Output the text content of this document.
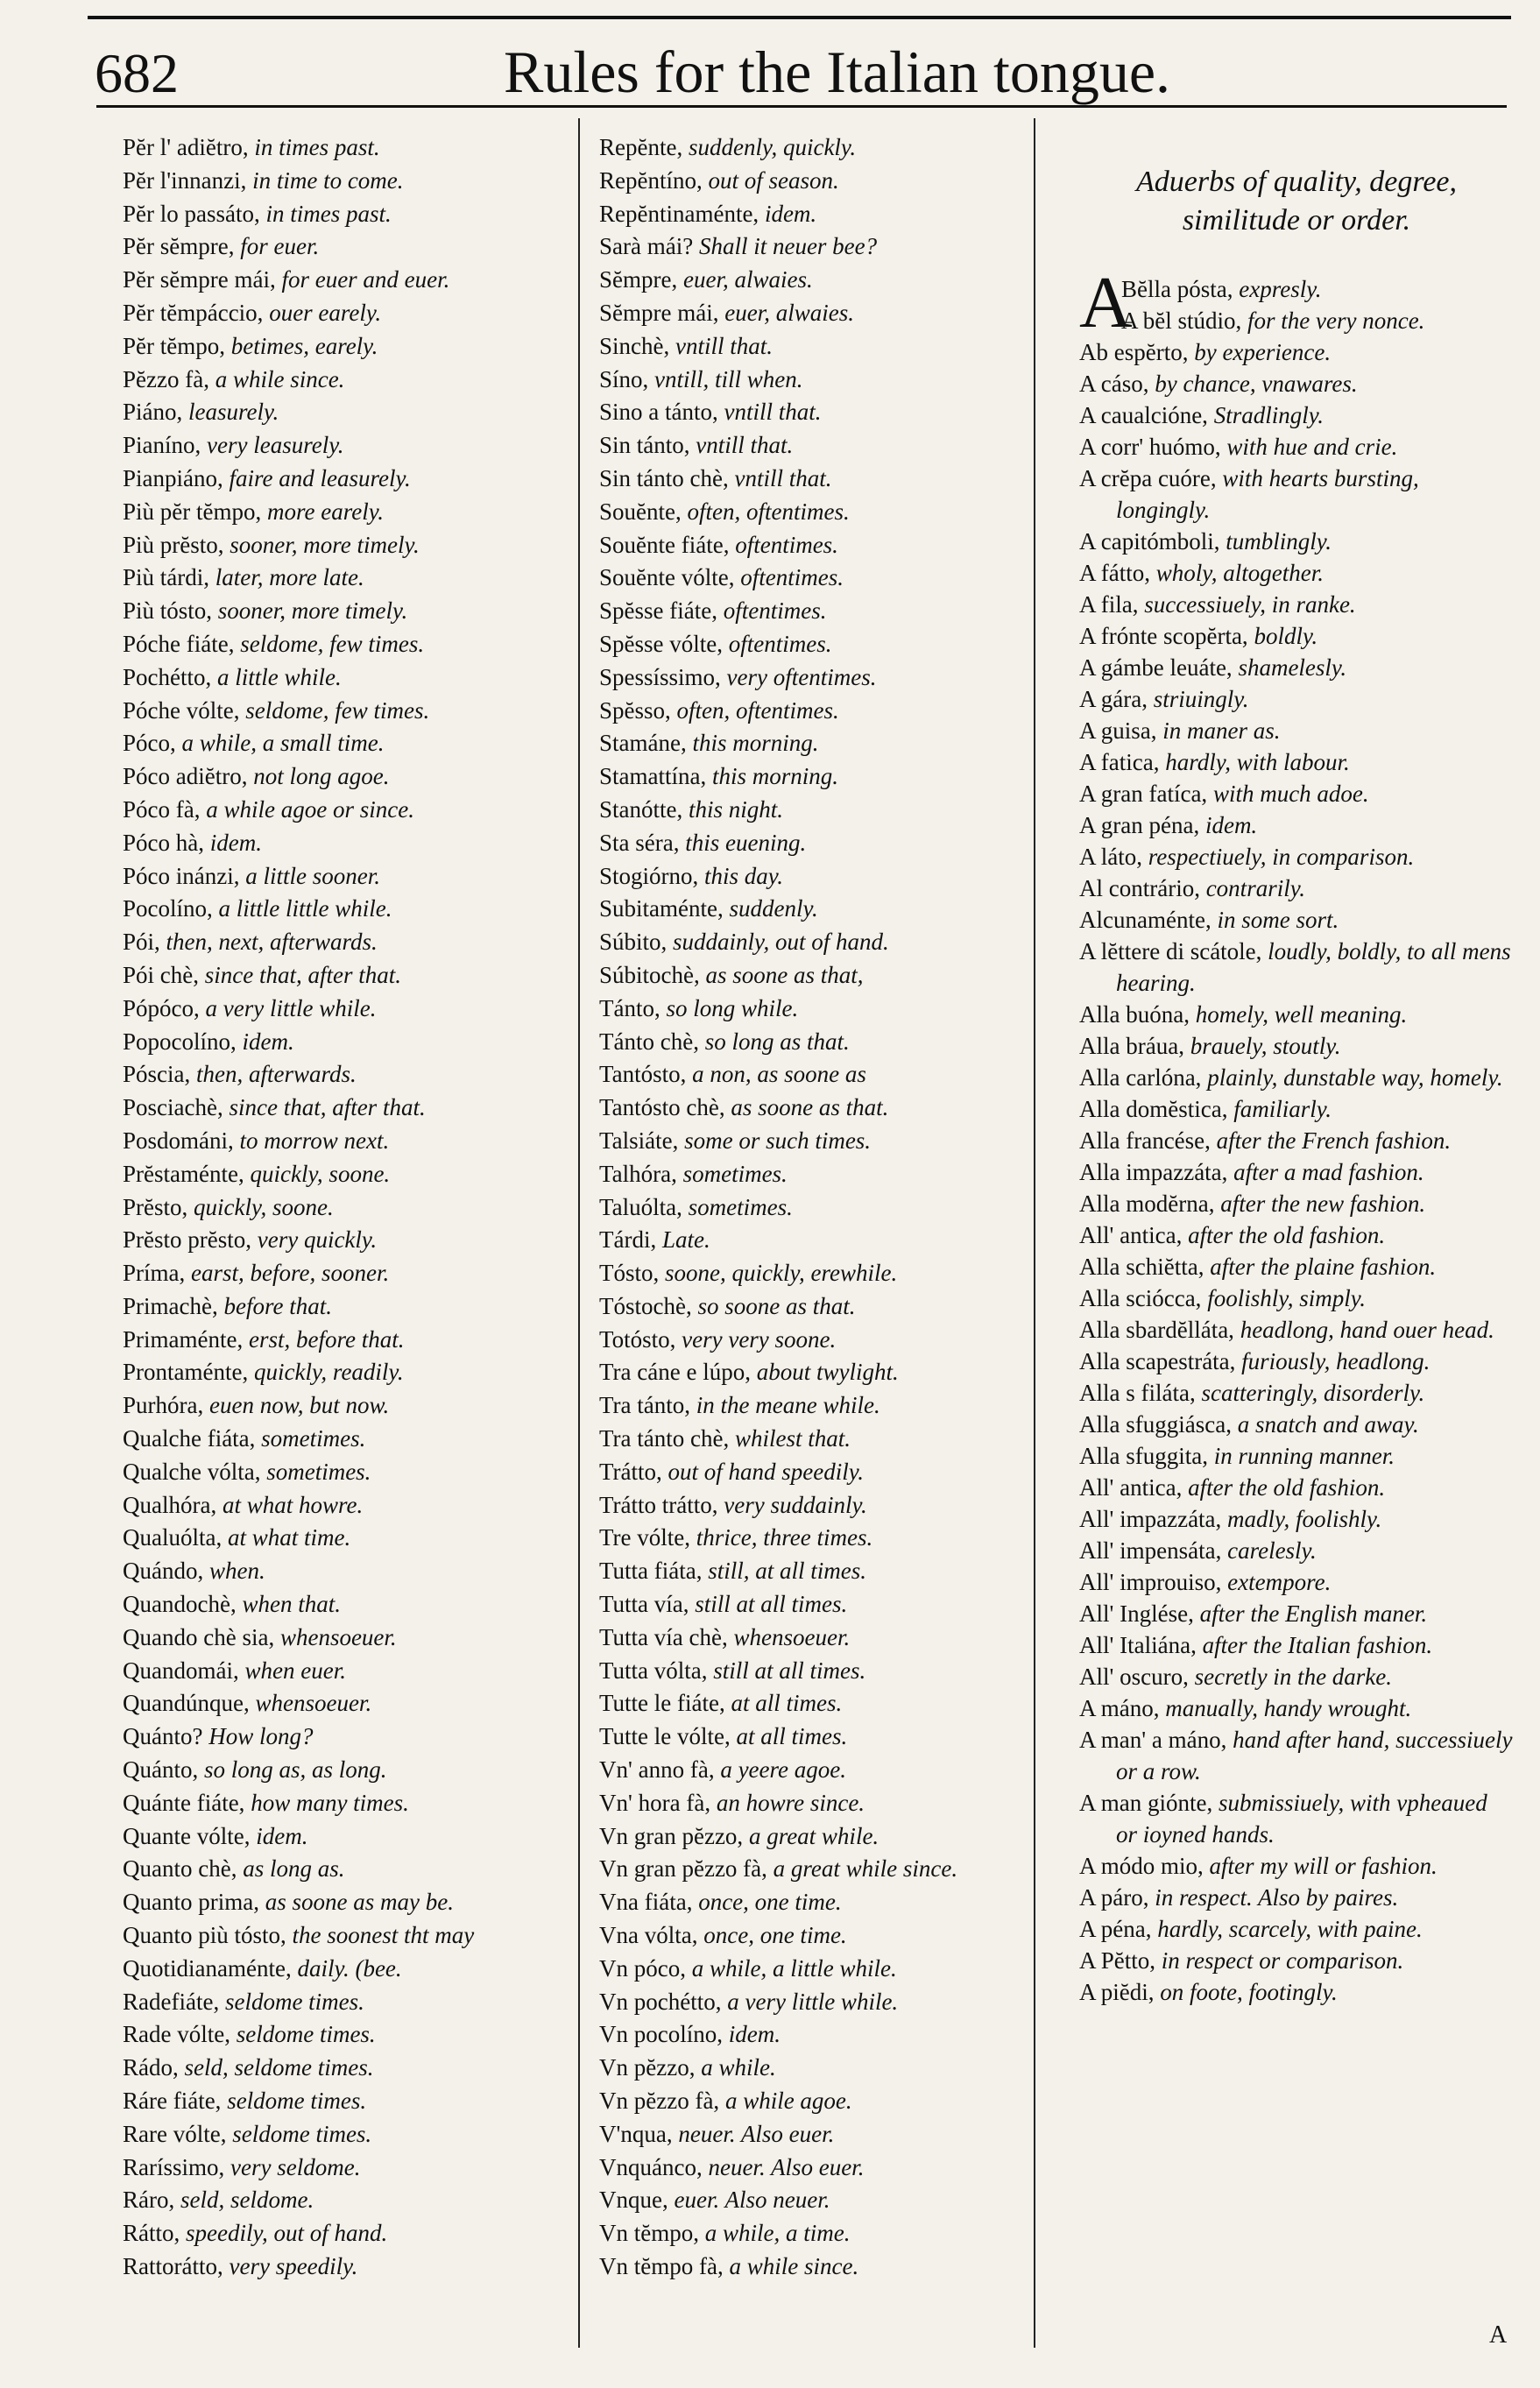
682	Rules for the Italian tongue.
Pĕr l' adiĕtro, in times past.
Pĕr l'innanzi, in time to come.
Pĕr lo passáto, in times past.
Pĕr sĕmpre, for euer.
Pĕr sĕmpre mái, for euer and euer.
Pĕr tĕmpáccio, ouer earely.
Pĕr tĕmpo, betimes, earely.
Pĕzzo fà, a while since.
Piáno, leasurely.
Pianíno, very leasurely.
Pianpiáno, faire and leasurely.
Più pĕr tĕmpo, more earely.
Più prĕsto, sooner, more timely.
Più tárdi, later, more late.
Più tósto, sooner, more timely.
Póche fiáte, seldome, few times.
Pochétto, a little while.
Póche vólte, seldome, few times.
Póco, a while, a small time.
Póco adiĕtro, not long agoe.
Póco fà, a while agoe or since.
Póco hà, idem.
Póco inánzi, a little sooner.
Pocolíno, a little little while.
Pói, then, next, afterwards.
Pói chè, since that, after that.
Pópóco, a very little while.
Popocolíno, idem.
Póscia, then, afterwards.
Posciachè, since that, after that.
Posdománi, to morrow next.
Prĕstaménte, quickly, soone.
Prĕsto, quickly, soone.
Prĕsto prĕsto, very quickly.
Príma, earst, before, sooner.
Primachè, before that.
Primaménte, erst, before that.
Prontaménte, quickly, readily.
Purhóra, euen now, but now.
Qualche fiáta, sometimes.
Qualche vólta, sometimes.
Qualhóra, at what howre.
Qualuólta, at what time.
Quándo, when.
Quandochè, when that.
Quando chè sia, whensoeuer.
Quandomái, when euer.
Quandúnque, whensoeuer.
Quánto? How long?
Quánto, so long as, as long.
Quánte fiáte, how many times.
Quante vólte, idem.
Quanto chè, as long as.
Quanto prima, as soone as may be.
Quanto più tósto, the soonest tht may
Quotidianaménte, daily. (bee.
Radefiáte, seldome times.
Rade vólte, seldome times.
Rádo, seld, seldome times.
Ráre fiáte, seldome times.
Rare vólte, seldome times.
Raríssimo, very seldome.
Ráro, seld, seldome.
Rátto, speedily, out of hand.
Rattorátto, very speedily.
Repĕnte, suddenly, quickly.
Repĕntíno, out of season.
Repĕntinaménte, idem.
Sarà mái? Shall it neuer bee?
Sĕmpre, euer, alwaies.
Sĕmpre mái, euer, alwaies.
Sinchè, vntill that.
Síno, vntill, till when.
Sino a tánto, vntill that.
Sin tánto, vntill that.
Sin tánto chè, vntill that.
Souĕnte, often, oftentimes.
Souĕnte fiáte, oftentimes.
Souĕnte vólte, oftentimes.
Spĕsse fiáte, oftentimes.
Spĕsse vólte, oftentimes.
Spessíssimo, very oftentimes.
Spĕsso, often, oftentimes.
Stamáne, this morning.
Stamattína, this morning.
Stanótte, this night.
Sta séra, this euening.
Stogiórno, this day.
Subitaménte, suddenly.
Súbito, suddainly, out of hand.
Súbitochè, as soone as that,
Tánto, so long while.
Tánto chè, so long as that.
Tantósto, a non, as soone as
Tantósto chè, as soone as that.
Talsiáte, some or such times.
Talhóra, sometimes.
Taluólta, sometimes.
Tárdi, Late.
Tósto, soone, quickly, erewhile.
Tóstochè, so soone as that.
Totósto, very very soone.
Tra cáne e lúpo, about twylight.
Tra tánto, in the meane while.
Tra tánto chè, whilest that.
Trátto, out of hand speedily.
Trátto trátto, very suddainly.
Tre vólte, thrice, three times.
Tutta fiáta, still, at all times.
Tutta vía, still at all times.
Tutta vía chè, whensoeuer.
Tutta vólta, still at all times.
Tutte le fiáte, at all times.
Tutte le vólte, at all times.
Vn' anno fà, a yeere agoe.
Vn' hora fà, an howre since.
Vn gran pĕzzo, a great while.
Vn gran pĕzzo fà, a great while since.
Vna fiáta, once, one time.
Vna vólta, once, one time.
Vn póco, a while, a little while.
Vn pochétto, a very little while.
Vn pocolíno, idem.
Vn pĕzzo, a while.
Vn pĕzzo fà, a while agoe.
V'nqua, neuer. Also euer.
Vnquánco, neuer. Also euer.
Vnque, euer. Also neuer.
Vn tĕmpo, a while, a time.
Vn tĕmpo fà, a while since.
Aduerbs of quality, degree, similitude or order.
A
Bĕlla pósta, expresly.
A bĕl stúdio, for the very nonce.
Ab espĕrto, by experience.
A cáso, by chance, vnawares.
A caualcióne, Stradlingly.
A corr' huómo, with hue and crie.
A crĕpa cuóre, with hearts bursting, longingly.
A capitómboli, tumblingly.
A fátto, wholy, altogether.
A fila, successiuely, in ranke.
A frónte scopĕrta, boldly.
A gámbe leuáte, shamelesly.
A gára, striuingly.
A guisa, in maner as.
A fatica, hardly, with labour.
A gran fatíca, with much adoe.
A gran péna, idem.
A láto, respectiuely, in comparison.
Al contrário, contrarily.
Alcunaménte, in some sort.
A lĕttere di scátole, loudly, boldly, to all mens hearing.
Alla buóna, homely, well meaning.
Alla bráua, brauely, stoutly.
Alla carlóna, plainly, dunstable way, homely.
Alla domĕstica, familiarly.
Alla francése, after the French fashion.
Alla impazzáta, after a mad fashion.
Alla modĕrna, after the new fashion.
All' antica, after the old fashion.
Alla schiĕtta, after the plaine fashion.
Alla sciócca, foolishly, simply.
Alla sbardĕlláta, headlong, hand ouer head.
Alla scapestráta, furiously, headlong.
Alla s filáta, scatteringly, disorderly.
Alla sfuggiásca, a snatch and away.
Alla sfuggita, in running manner.
All' antica, after the old fashion.
All' impazzáta, madly, foolishly.
All' impensáta, carelesly.
All' improuiso, extempore.
All' Inglése, after the English maner.
All' Italiána, after the Italian fashion.
All' oscuro, secretly in the darke.
A máno, manually, handy wrought.
A man' a máno, hand after hand, successiuely or a row.
A man giónte, submissiuely, with vpheaued or ioyned hands.
A módo mio, after my will or fashion.
A páro, in respect. Also by paires.
A péna, hardly, scarcely, with paine.
A Pĕtto, in respect or comparison.
A piĕdi, on foote, footingly.
A
